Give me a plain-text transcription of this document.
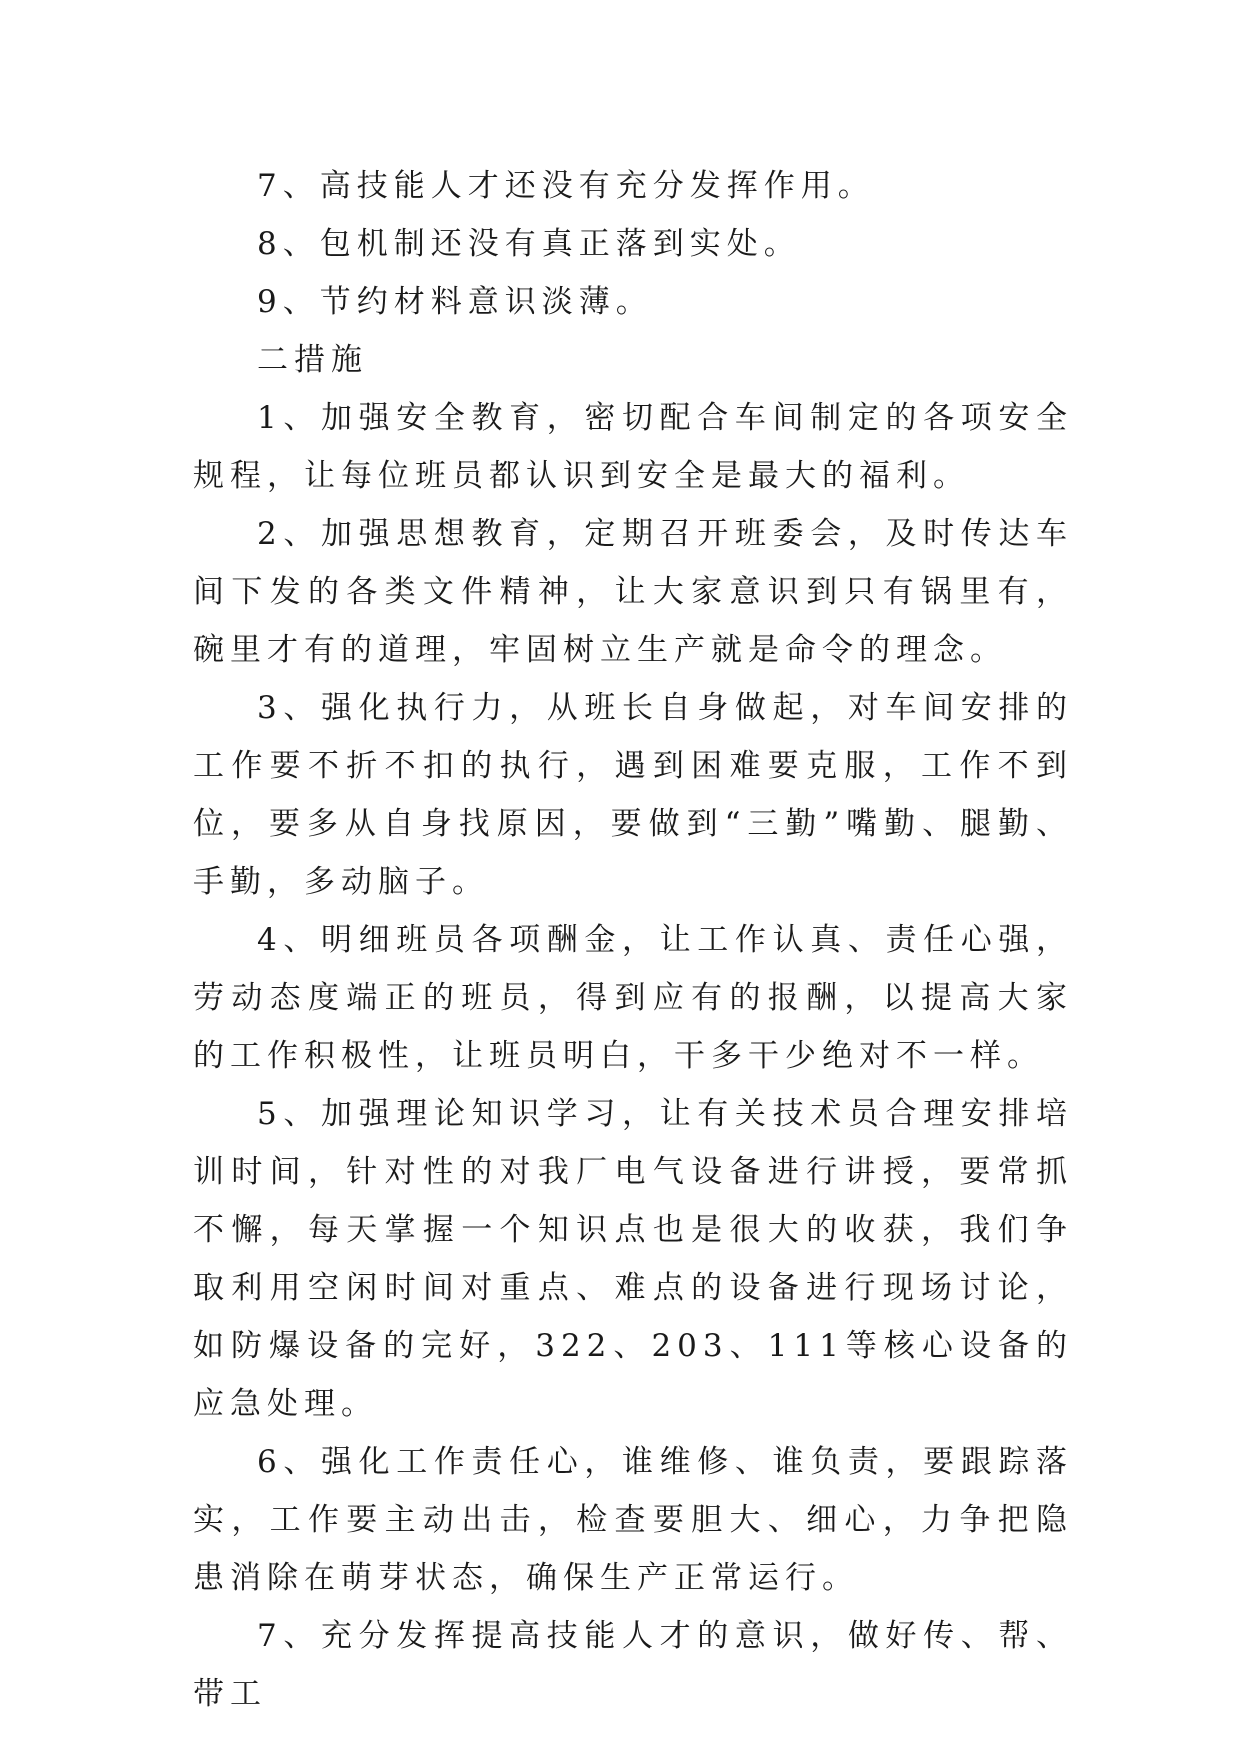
7、高技能人才还没有充分发挥作用。

8、包机制还没有真正落到实处。

9、节约材料意识淡薄。

二措施

1、加强安全教育，密切配合车间制定的各项安全规程，让每位班员都认识到安全是最大的福利。

2、加强思想教育，定期召开班委会，及时传达车间下发的各类文件精神，让大家意识到只有锅里有，碗里才有的道理，牢固树立生产就是命令的理念。

3、强化执行力，从班长自身做起，对车间安排的工作要不折不扣的执行，遇到困难要克服，工作不到位，要多从自身找原因，要做到“三勤”嘴勤、腿勤、手勤，多动脑子。

4、明细班员各项酬金，让工作认真、责任心强，劳动态度端正的班员，得到应有的报酬，以提高大家的工作积极性，让班员明白，干多干少绝对不一样。

5、加强理论知识学习，让有关技术员合理安排培训时间，针对性的对我厂电气设备进行讲授，要常抓不懈，每天掌握一个知识点也是很大的收获，我们争取利用空闲时间对重点、难点的设备进行现场讨论，如防爆设备的完好，322、203、111等核心设备的应急处理。

6、强化工作责任心，谁维修、谁负责，要跟踪落实，工作要主动出击，检查要胆大、细心，力争把隐患消除在萌芽状态，确保生产正常运行。

7、充分发挥提高技能人才的意识，做好传、帮、带工
